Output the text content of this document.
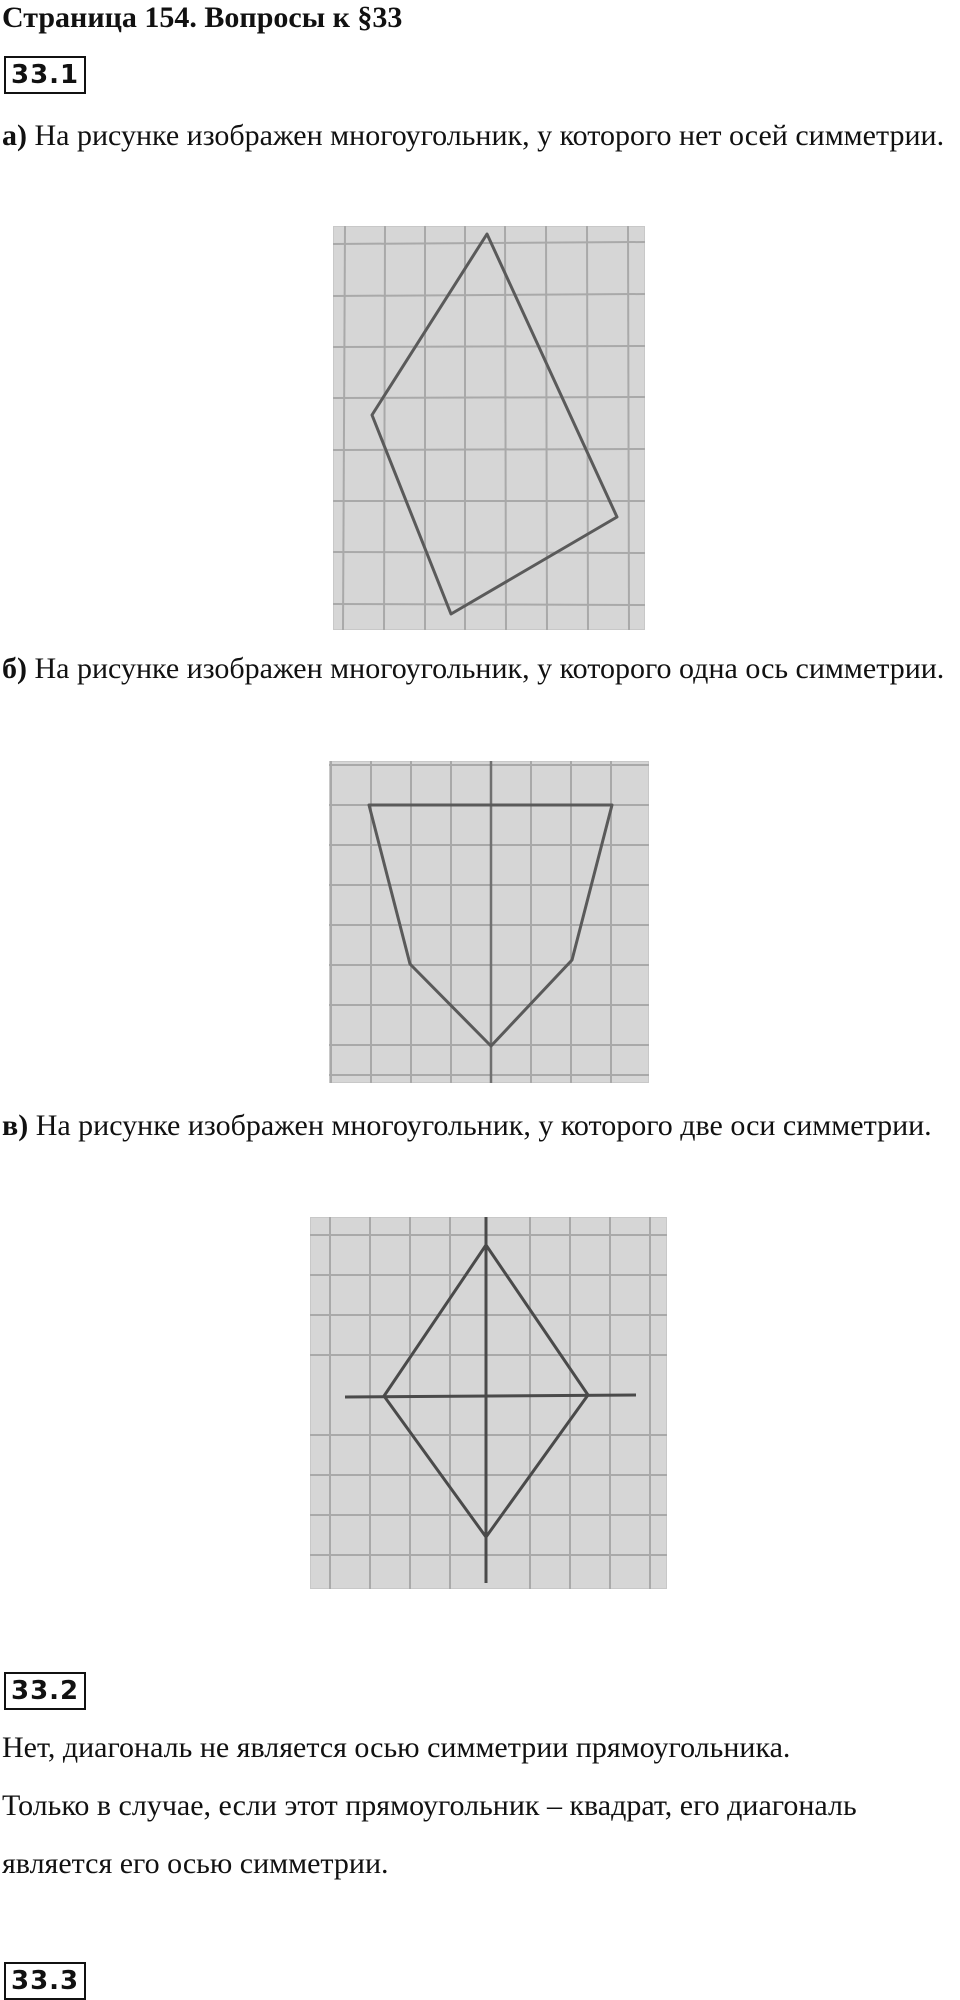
Страница 154. Вопросы к §33
33.1
а) На рисунке изображен многоугольник, у которого нет осей симметрии.
б) На рисунке изображен многоугольник, у которого одна ось симметрии.
в) На рисунке изображен многоугольник, у которого две оси симметрии.
33.2
Нет, диагональ не является осью симметрии прямоугольника.
Только в случае, если этот прямоугольник – квадрат, его диагональ
является его осью симметрии.
33.3
